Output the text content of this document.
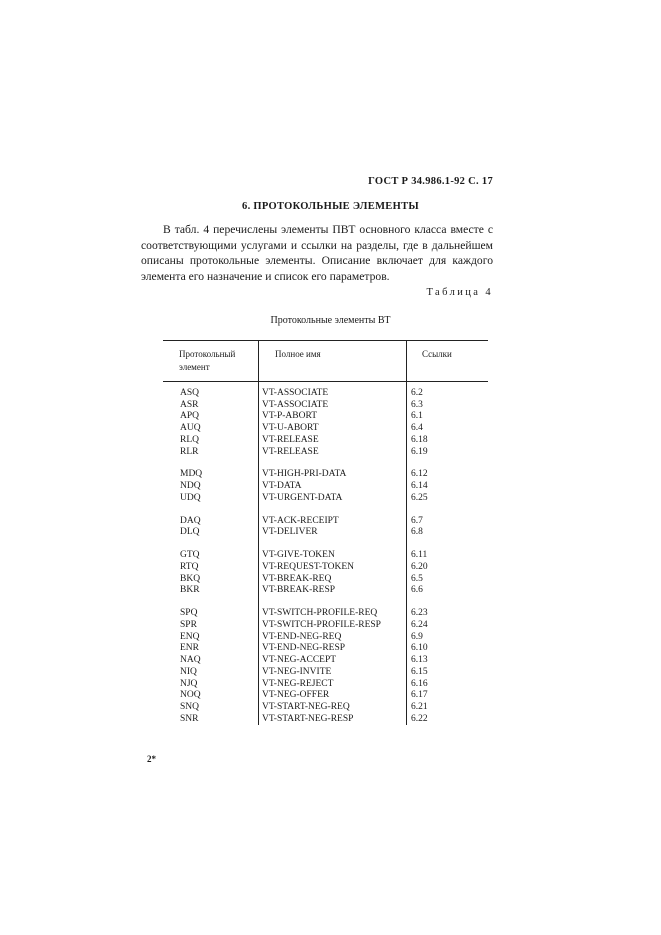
ГОСТ Р 34.986.1-92 С. 17
6. ПРОТОКОЛЬНЫЕ ЭЛЕМЕНТЫ

В табл. 4 перечислены элементы ПВТ основного класса вместе с соответствующими услугами и ссылки на разделы, где в дальнейшем описаны протокольные элементы. Описание включает для каждого элемента его назначение и список его параметров.

Таблица 4
Протокольные элементы ВТ
Протокольный элемент	Полное имя	Ссылки
ASQ	VT-ASSOCIATE	6.2
ASR	VT-ASSOCIATE	6.3
APQ	VT-P-ABORT	6.1
AUQ	VT-U-ABORT	6.4
RLQ	VT-RELEASE	6.18
RLR	VT-RELEASE	6.19

MDQ	VT-HIGH-PRI-DATA	6.12
NDQ	VT-DATA	6.14
UDQ	VT-URGENT-DATA	6.25

DAQ	VT-ACK-RECEIPT	6.7
DLQ	VT-DELIVER	6.8

GTQ	VT-GIVE-TOKEN	6.11
RTQ	VT-REQUEST-TOKEN	6.20
BKQ	VT-BREAK-REQ	6.5
BKR	VT-BREAK-RESP	6.6

SPQ	VT-SWITCH-PROFILE-REQ	6.23
SPR	VT-SWITCH-PROFILE-RESP	6.24
ENQ	VT-END-NEG-REQ	6.9
ENR	VT-END-NEG-RESP	6.10
NAQ	VT-NEG-ACCEPT	6.13
NIQ	VT-NEG-INVITE	6.15
NJQ	VT-NEG-REJECT	6.16
NOQ	VT-NEG-OFFER	6.17
SNQ	VT-START-NEG-REQ	6.21
SNR	VT-START-NEG-RESP	6.22
2*
